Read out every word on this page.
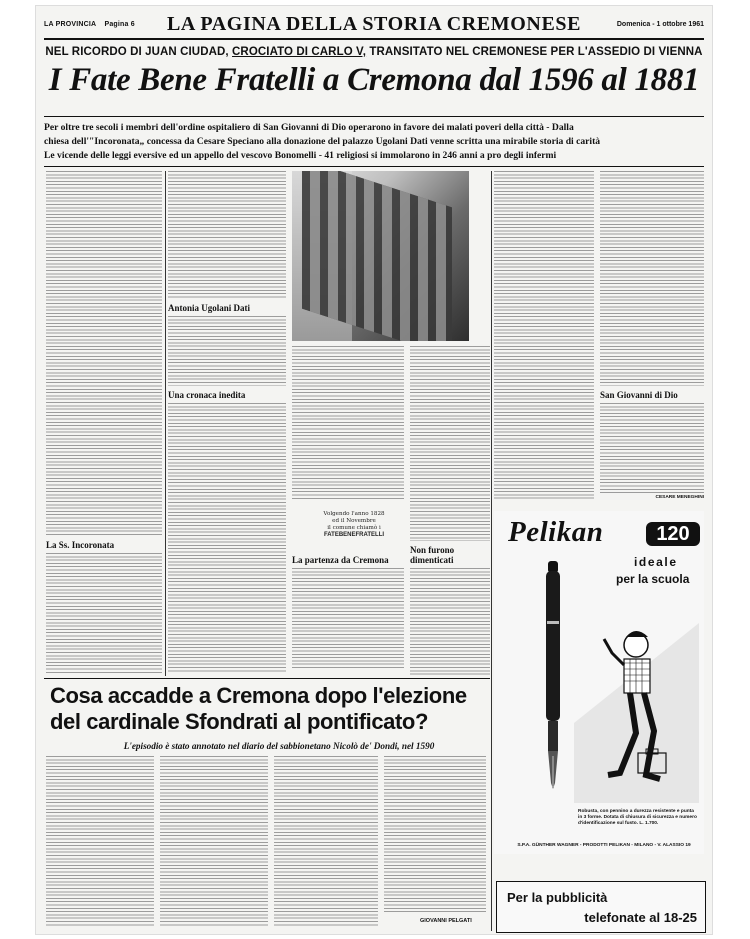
LA PROVINCIA Pagina 6	LA PAGINA DELLA STORIA CREMONESE	Domenica - 1 ottobre 1961
NEL RICORDO DI JUAN CIUDAD, CROCIATO DI CARLO V, TRANSITATO NEL CREMONESE PER L'ASSEDIO DI VIENNA
I Fate Bene Fratelli a Cremona dal 1596 al 1881
Per oltre tre secoli i membri dell'ordine ospitaliero di San Giovanni di Dio operarono in favore dei malati poveri della città - Dalla
chiesa dell'"Incoronata„ concessa da Cesare Speciano alla donazione del palazzo Ugolani Dati venne scritta una mirabile storia di carità
Le vicende delle leggi eversive ed un appello del vescovo Bonomelli - 41 religiosi si immolarono in 246 anni a pro degli infermi
La Ss. Incoronata
Antonia Ugolani Dati
Una cronaca inedita
Volgendo l'anno 1828
ed il Novembre
il comune chiamò i
FATEBENEFRATELLI
La partenza da Cremona
Non furono dimenticati
San Giovanni di Dio
CESARE MENEGHINI
Cosa accadde a Cremona dopo l'elezione
del cardinale Sfondrati al pontificato?
L'episodio è stato annotato nel diario del sabbionetano Nicolò de' Dondi, nel 1590
GIOVANNI PELGATI
Pelikan	120
ideale
per la scuola
Robusta, con pennino a durezza resistente e punta in 3 forme. Dotata di chiusura di sicurezza e numero d'identificazione sul fusto. L. 1.700.
S.P.A. GÜNTHER WAGNER - PRODOTTI PELIKAN - MILANO - V. ALASSIO 19
Per la pubblicità
telefonate al 18-25
